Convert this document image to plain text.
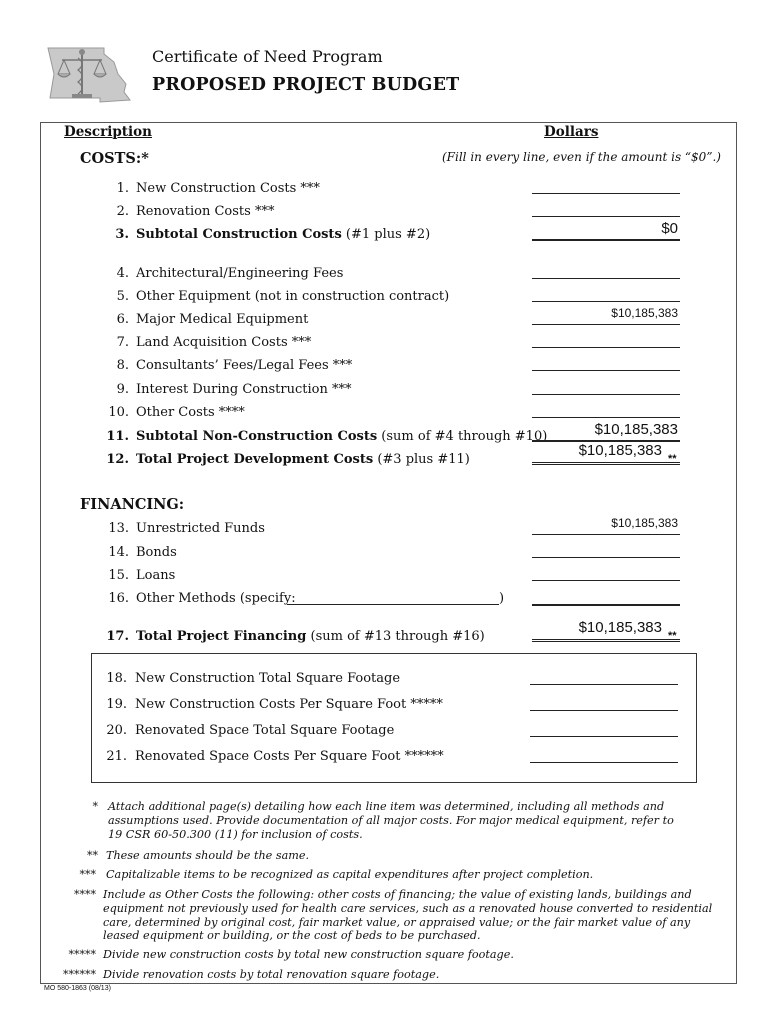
Certificate of Need Program
PROPOSED PROJECT BUDGET
Description	Dollars
COSTS:*	(Fill in every line, even if the amount is “$0”.)
1. New Construction Costs ***
2. Renovation Costs ***
3. Subtotal Construction Costs (#1 plus #2)	$0
4. Architectural/Engineering Fees
5. Other Equipment (not in construction contract)
6. Major Medical Equipment	$10,185,383
7. Land Acquisition Costs ***
8. Consultants’ Fees/Legal Fees ***
9. Interest During Construction ***
10. Other Costs ****
11. Subtotal Non-Construction Costs (sum of #4 through #10)	$10,185,383
12. Total Project Development Costs (#3 plus #11)
$10,185,383 **
FINANCING:
13. Unrestricted Funds	$10,185,383
14. Bonds
15. Loans
16. Other Methods (specify:	)
17. Total Project Financing (sum of #13 through #16)
$10,185,383 **
18. New Construction Total Square Footage
19. New Construction Costs Per Square Foot *****
20. Renovated Space Total Square Footage
21. Renovated Space Costs Per Square Foot ******
* Attach additional page(s) detailing how each line item was determined, including all methods and
assumptions used. Provide documentation of all major costs. For major medical equipment, refer to
19 CSR 60-50.300 (11) for inclusion of costs.
** These amounts should be the same.
*** Capitalizable items to be recognized as capital expenditures after project completion.
**** Include as Other Costs the following: other costs of financing; the value of existing lands, buildings and
equipment not previously used for health care services, such as a renovated house converted to residential
care, determined by original cost, fair market value, or appraised value; or the fair market value of any
leased equipment or building, or the cost of beds to be purchased.
***** Divide new construction costs by total new construction square footage.
****** Divide renovation costs by total renovation square footage.
MO 580-1863 (08/13)
